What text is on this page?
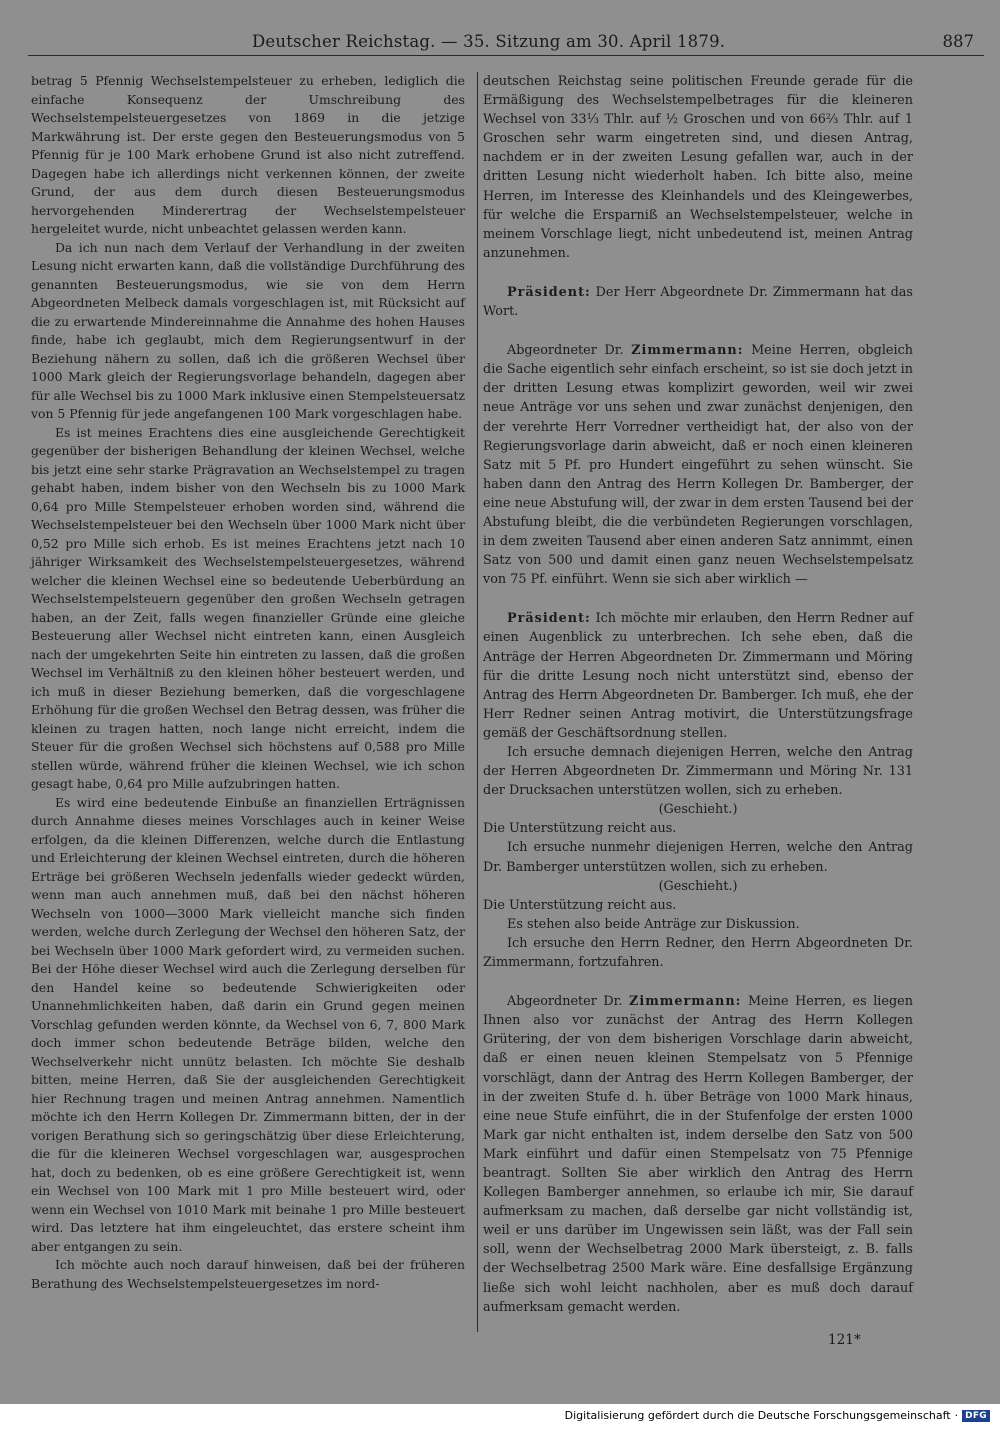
Deutscher Reichstag. — 35. Sitzung am 30. April 1879.	887

betrag 5 Pfennig Wechselstempelsteuer zu erheben, lediglich die einfache Konsequenz der Umschreibung des Wechselstempelsteuergesetzes von 1869 in die jetzige Markwährung ist. Der erste gegen den Besteuerungsmodus von 5 Pfennig für je 100 Mark erhobene Grund ist also nicht zutreffend. Dagegen habe ich allerdings nicht verkennen können, der zweite Grund, der aus dem durch diesen Besteuerungsmodus hervorgehenden Minderertrag der Wechselstempelsteuer hergeleitet wurde, nicht unbeachtet gelassen werden kann.

Da ich nun nach dem Verlauf der Verhandlung in der zweiten Lesung nicht erwarten kann, daß die vollständige Durchführung des genannten Besteuerungsmodus, wie sie von dem Herrn Abgeordneten Melbeck damals vorgeschlagen ist, mit Rücksicht auf die zu erwartende Mindereinnahme die Annahme des hohen Hauses finde, habe ich geglaubt, mich dem Regierungsentwurf in der Beziehung nähern zu sollen, daß ich die größeren Wechsel über 1000 Mark gleich der Regierungsvorlage behandeln, dagegen aber für alle Wechsel bis zu 1000 Mark inklusive einen Stempelsteuersatz von 5 Pfennig für jede angefangenen 100 Mark vorgeschlagen habe.

Es ist meines Erachtens dies eine ausgleichende Gerechtigkeit gegenüber der bisherigen Behandlung der kleinen Wechsel, welche bis jetzt eine sehr starke Prägravation an Wechselstempel zu tragen gehabt haben, indem bisher von den Wechseln bis zu 1000 Mark 0,64 pro Mille Stempelsteuer erhoben worden sind, während die Wechselstempelsteuer bei den Wechseln über 1000 Mark nicht über 0,52 pro Mille sich erhob. Es ist meines Erachtens jetzt nach 10 jähriger Wirksamkeit des Wechselstempelsteuergesetzes, während welcher die kleinen Wechsel eine so bedeutende Ueberbürdung an Wechselstempelsteuern gegenüber den großen Wechseln getragen haben, an der Zeit, falls wegen finanzieller Gründe eine gleiche Besteuerung aller Wechsel nicht eintreten kann, einen Ausgleich nach der umgekehrten Seite hin eintreten zu lassen, daß die großen Wechsel im Verhältniß zu den kleinen höher besteuert werden, und ich muß in dieser Beziehung bemerken, daß die vorgeschlagene Erhöhung für die großen Wechsel den Betrag dessen, was früher die kleinen zu tragen hatten, noch lange nicht erreicht, indem die Steuer für die großen Wechsel sich höchstens auf 0,588 pro Mille stellen würde, während früher die kleinen Wechsel, wie ich schon gesagt habe, 0,64 pro Mille aufzubringen hatten.

Es wird eine bedeutende Einbuße an finanziellen Erträgnissen durch Annahme dieses meines Vorschlages auch in keiner Weise erfolgen, da die kleinen Differenzen, welche durch die Entlastung und Erleichterung der kleinen Wechsel eintreten, durch die höheren Erträge bei größeren Wechseln jedenfalls wieder gedeckt würden, wenn man auch annehmen muß, daß bei den nächst höheren Wechseln von 1000—3000 Mark vielleicht manche sich finden werden, welche durch Zerlegung der Wechsel den höheren Satz, der bei Wechseln über 1000 Mark gefordert wird, zu vermeiden suchen. Bei der Höhe dieser Wechsel wird auch die Zerlegung derselben für den Handel keine so bedeutende Schwierigkeiten oder Unannehmlichkeiten haben, daß darin ein Grund gegen meinen Vorschlag gefunden werden könnte, da Wechsel von 6, 7, 800 Mark doch immer schon bedeutende Beträge bilden, welche den Wechselverkehr nicht unnütz belasten. Ich möchte Sie deshalb bitten, meine Herren, daß Sie der ausgleichenden Gerechtigkeit hier Rechnung tragen und meinen Antrag annehmen. Namentlich möchte ich den Herrn Kollegen Dr. Zimmermann bitten, der in der vorigen Berathung sich so geringschätzig über diese Erleichterung, die für die kleineren Wechsel vorgeschlagen war, ausgesprochen hat, doch zu bedenken, ob es eine größere Gerechtigkeit ist, wenn ein Wechsel von 100 Mark mit 1 pro Mille besteuert wird, oder wenn ein Wechsel von 1010 Mark mit beinahe 1 pro Mille besteuert wird. Das letztere hat ihm eingeleuchtet, das erstere scheint ihm aber entgangen zu sein.

Ich möchte auch noch darauf hinweisen, daß bei der früheren Berathung des Wechselstempelsteuergesetzes im nord-

deutschen Reichstag seine politischen Freunde gerade für die Ermäßigung des Wechselstempelbetrages für die kleineren Wechsel von 33⅓ Thlr. auf ½ Groschen und von 66⅔ Thlr. auf 1 Groschen sehr warm eingetreten sind, und diesen Antrag, nachdem er in der zweiten Lesung gefallen war, auch in der dritten Lesung nicht wiederholt haben. Ich bitte also, meine Herren, im Interesse des Kleinhandels und des Kleingewerbes, für welche die Ersparniß an Wechselstempelsteuer, welche in meinem Vorschlage liegt, nicht unbedeutend ist, meinen Antrag anzunehmen.

Präsident: Der Herr Abgeordnete Dr. Zimmermann hat das Wort.

Abgeordneter Dr. Zimmermann: Meine Herren, obgleich die Sache eigentlich sehr einfach erscheint, so ist sie doch jetzt in der dritten Lesung etwas komplizirt geworden, weil wir zwei neue Anträge vor uns sehen und zwar zunächst denjenigen, den der verehrte Herr Vorredner vertheidigt hat, der also von der Regierungsvorlage darin abweicht, daß er noch einen kleineren Satz mit 5 Pf. pro Hundert eingeführt zu sehen wünscht. Sie haben dann den Antrag des Herrn Kollegen Dr. Bamberger, der eine neue Abstufung will, der zwar in dem ersten Tausend bei der Abstufung bleibt, die die verbündeten Regierungen vorschlagen, in dem zweiten Tausend aber einen anderen Satz annimmt, einen Satz von 500 und damit einen ganz neuen Wechselstempelsatz von 75 Pf. einführt. Wenn sie sich aber wirklich —

Präsident: Ich möchte mir erlauben, den Herrn Redner auf einen Augenblick zu unterbrechen. Ich sehe eben, daß die Anträge der Herren Abgeordneten Dr. Zimmermann und Möring für die dritte Lesung noch nicht unterstützt sind, ebenso der Antrag des Herrn Abgeordneten Dr. Bamberger. Ich muß, ehe der Herr Redner seinen Antrag motivirt, die Unterstützungsfrage gemäß der Geschäftsordnung stellen.

Ich ersuche demnach diejenigen Herren, welche den Antrag der Herren Abgeordneten Dr. Zimmermann und Möring Nr. 131 der Drucksachen unterstützen wollen, sich zu erheben.

(Geschieht.)

Die Unterstützung reicht aus.

Ich ersuche nunmehr diejenigen Herren, welche den Antrag Dr. Bamberger unterstützen wollen, sich zu erheben.

(Geschieht.)

Die Unterstützung reicht aus.

Es stehen also beide Anträge zur Diskussion.

Ich ersuche den Herrn Redner, den Herrn Abgeordneten Dr. Zimmermann, fortzufahren.

Abgeordneter Dr. Zimmermann: Meine Herren, es liegen Ihnen also vor zunächst der Antrag des Herrn Kollegen Grütering, der von dem bisherigen Vorschlage darin abweicht, daß er einen neuen kleinen Stempelsatz von 5 Pfennige vorschlägt, dann der Antrag des Herrn Kollegen Bamberger, der in der zweiten Stufe d. h. über Beträge von 1000 Mark hinaus, eine neue Stufe einführt, die in der Stufenfolge der ersten 1000 Mark gar nicht enthalten ist, indem derselbe den Satz von 500 Mark einführt und dafür einen Stempelsatz von 75 Pfennige beantragt. Sollten Sie aber wirklich den Antrag des Herrn Kollegen Bamberger annehmen, so erlaube ich mir, Sie darauf aufmerksam zu machen, daß derselbe gar nicht vollständig ist, weil er uns darüber im Ungewissen sein läßt, was der Fall sein soll, wenn der Wechselbetrag 2000 Mark übersteigt, z. B. falls der Wechselbetrag 2500 Mark wäre. Eine desfallsige Ergänzung ließe sich wohl leicht nachholen, aber es muß doch darauf aufmerksam gemacht werden.

121*
Digitalisierung gefördert durch die Deutsche Forschungsgemeinschaft · DFG
